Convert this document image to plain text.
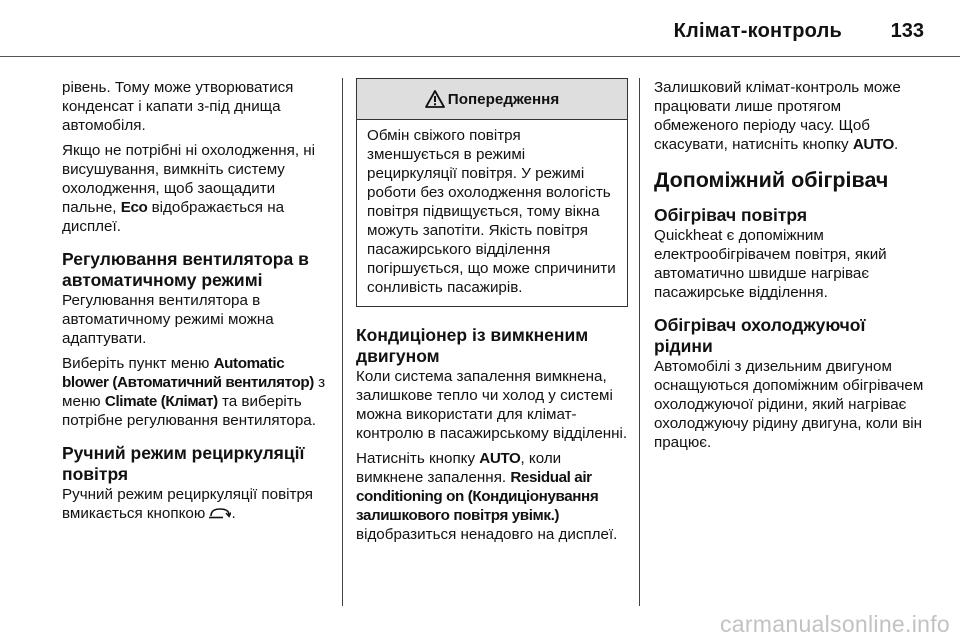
Клімат-контроль 133

рівень. Тому може утворюватися конденсат і капати з-під днища автомобіля.

Якщо не потрібні ні охолодження, ні висушування, вимкніть систему охолодження, щоб заощадити пальне, Eco відображається на дисплеї.

Регулювання вентилятора в автоматичному режимі

Регулювання вентилятора в автоматичному режимі можна адаптувати.

Виберіть пункт меню Automatic blower (Автоматичний вентилятор) з меню Climate (Клімат) та виберіть потрібне регулювання вентилятора.

Ручний режим рециркуляції повітря

Ручний режим рециркуляції повітря вмикається кнопкою .

Попередження
Обмін свіжого повітря зменшується в режимі рециркуляції повітря. У режимі роботи без охолодження вологість повітря підвищується, тому вікна можуть запотіти. Якість повітря пасажирського відділення погіршується, що може спричинити сонливість пасажирів.
Кондиціонер із вимкненим двигуном

Коли система запалення вимкнена, залишкове тепло чи холод у системі можна використати для клімат-контролю в пасажирському відділенні.

Натисніть кнопку AUTO, коли вимкнене запалення. Residual air conditioning on (Кондиціонування залишкового повітря увімк.) відобразиться ненадовго на дисплеї.

Залишковий клімат-контроль може працювати лише протягом обмеженого періоду часу. Щоб скасувати, натисніть кнопку AUTO.

Допоміжний обігрівач
Обігрівач повітря

Quickheat є допоміжним електрообігрівачем повітря, який автоматично швидше нагріває пасажирське відділення.

Обігрівач охолоджуючої рідини

Автомобілі з дизельним двигуном оснащуються допоміжним обігрівачем охолоджуючої рідини, який нагріває охолоджуючу рідину двигуна, коли він працює.

carmanualsonline.info
